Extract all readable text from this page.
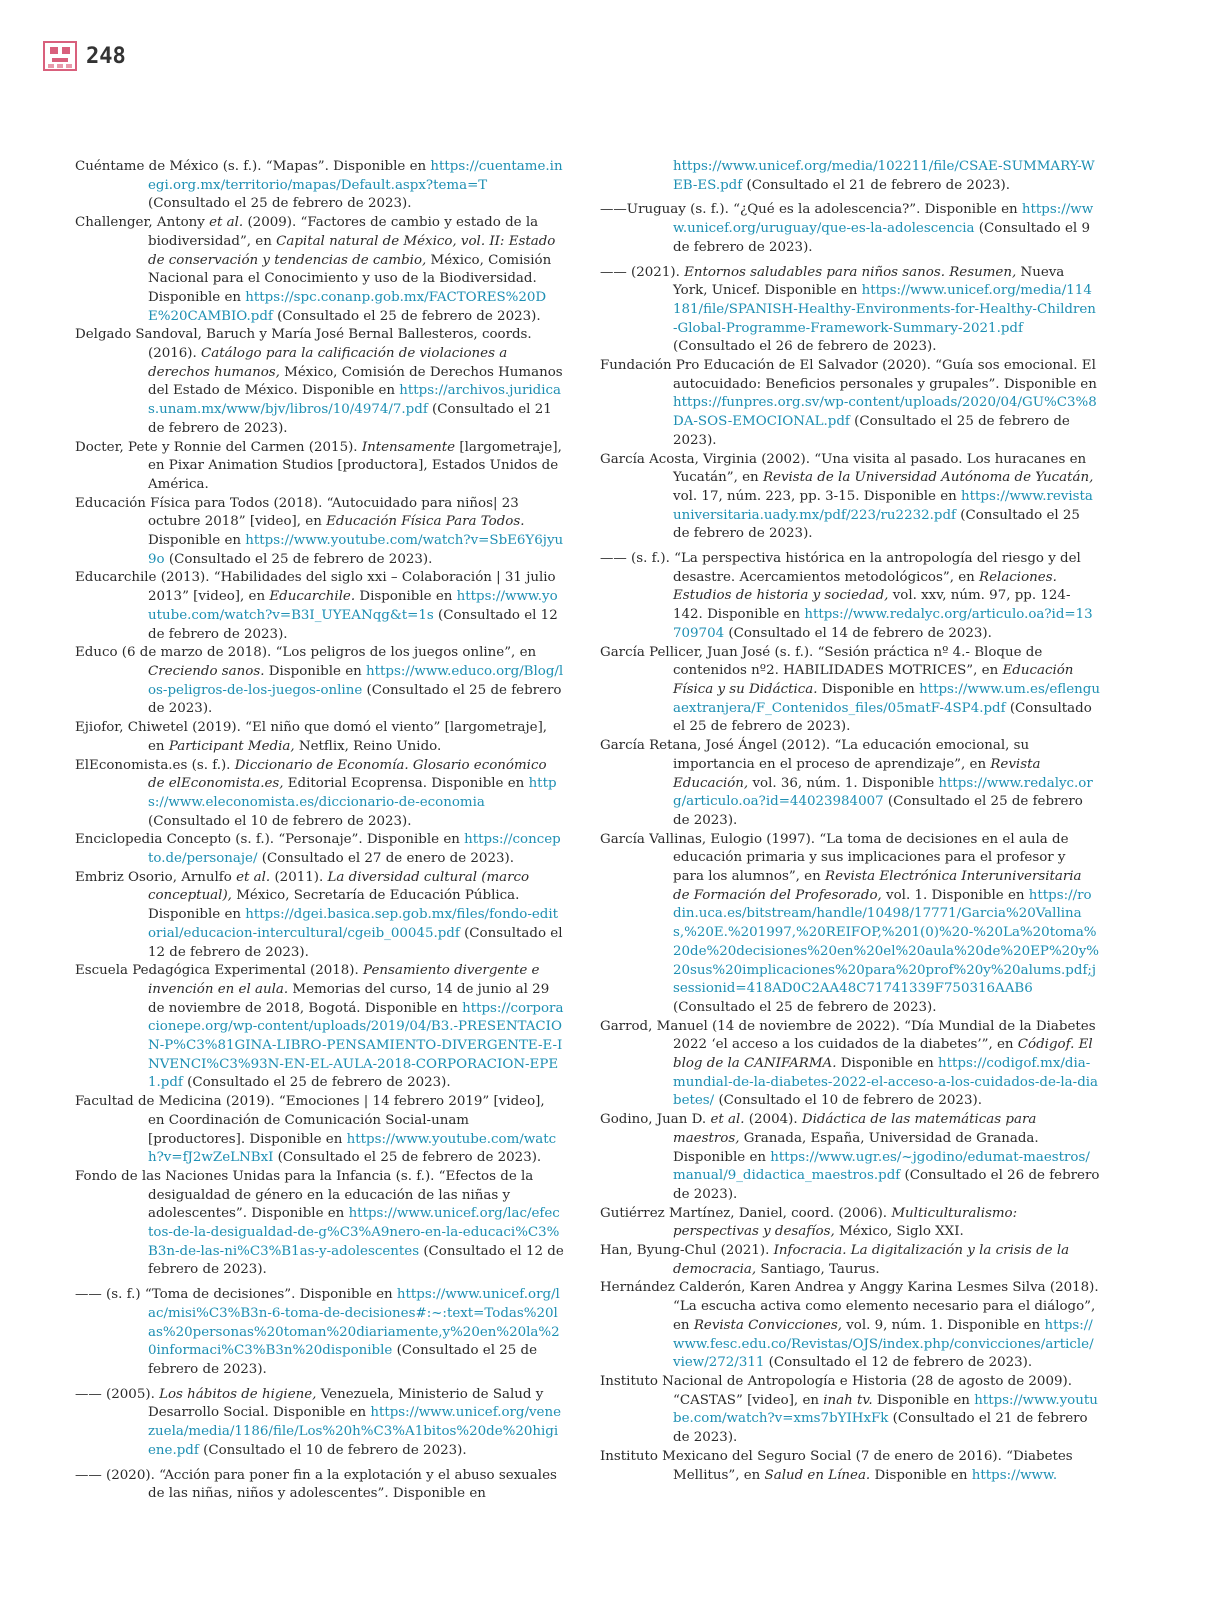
248

Cuéntame de México (s. f.). “Mapas”. Disponible en https://cuentame.inegi.org.mx/territorio/mapas/Default.aspx?tema=T (Consultado el 25 de febrero de 2023).

Challenger, Antony et al. (2009). “Factores de cambio y estado de la biodiversidad”, en Capital natural de México, vol. II: Estado de conservación y tendencias de cambio, México, Comisión Nacional para el Conocimiento y uso de la Biodiversidad. Disponible en https://spc.conanp.gob.mx/FACTORES%20DE%20CAMBIO.pdf (Consultado el 25 de febrero de 2023).

Delgado Sandoval, Baruch y María José Bernal Ballesteros, coords. (2016). Catálogo para la calificación de violaciones a derechos humanos, México, Comisión de Derechos Humanos del Estado de México. Disponible en https://archivos.juridicas.unam.mx/www/bjv/libros/10/4974/7.pdf (Consultado el 21 de febrero de 2023).

Docter, Pete y Ronnie del Carmen (2015). Intensamente [largometraje], en Pixar Animation Studios [productora], Estados Unidos de América.

Educación Física para Todos (2018). “Autocuidado para niños| 23 octubre 2018” [video], en Educación Física Para Todos. Disponible en https://www.youtube.com/watch?v=SbE6Y6jyu9o (Consultado el 25 de febrero de 2023).

Educarchile (2013). “Habilidades del siglo xxi – Colaboración | 31 julio 2013” [video], en Educarchile. Disponible en https://www.youtube.com/watch?v=B3I_UYEANqg&t=1s (Consultado el 12 de febrero de 2023).

Educo (6 de marzo de 2018). “Los peligros de los juegos online”, en Creciendo sanos. Disponible en https://www.educo.org/Blog/los-peligros-de-los-juegos-online (Consultado el 25 de febrero de 2023).

Ejiofor, Chiwetel (2019). “El niño que domó el viento” [largometraje], en Participant Media, Netflix, Reino Unido.

ElEconomista.es (s. f.). Diccionario de Economía. Glosario económico de elEconomista.es, Editorial Ecoprensa. Disponible en https://www.eleconomista.es/diccionario-de-economia (Consultado el 10 de febrero de 2023).

Enciclopedia Concepto (s. f.). “Personaje”. Disponible en https://concepto.de/personaje/ (Consultado el 27 de enero de 2023).

Embriz Osorio, Arnulfo et al. (2011). La diversidad cultural (marco conceptual), México, Secretaría de Educación Pública. Disponible en https://dgei.basica.sep.gob.mx/files/fondo-editorial/educacion-intercultural/cgeib_00045.pdf (Consultado el 12 de febrero de 2023).

Escuela Pedagógica Experimental (2018). Pensamiento divergente e invención en el aula. Memorias del curso, 14 de junio al 29 de noviembre de 2018, Bogotá. Disponible en https://corporacionepe.org/wp-content/uploads/2019/04/B3.-PRESENTACION-P%C3%81GINA-LIBRO-PENSAMIENTO-DIVERGENTE-E-INVENCI%C3%93N-EN-EL-AULA-2018-CORPORACION-EPE1.pdf (Consultado el 25 de febrero de 2023).

Facultad de Medicina (2019). “Emociones | 14 febrero 2019” [video], en Coordinación de Comunicación Social-unam [productores]. Disponible en https://www.youtube.com/watch?v=fJ2wZeLNBxI (Consultado el 25 de febrero de 2023).

Fondo de las Naciones Unidas para la Infancia (s. f.). “Efectos de la desigualdad de género en la educación de las niñas y adolescentes”. Disponible en https://www.unicef.org/lac/efectos-de-la-desigualdad-de-g%C3%A9nero-en-la-educaci%C3%B3n-de-las-ni%C3%B1as-y-adolescentes (Consultado el 12 de febrero de 2023).

—— (s. f.) “Toma de decisiones”. Disponible en https://www.unicef.org/lac/misi%C3%B3n-6-toma-de-decisiones#:~:text=Todas%20las%20personas%20toman%20diariamente,y%20en%20la%20informaci%C3%B3n%20disponible (Consultado el 25 de febrero de 2023).

—— (2005). Los hábitos de higiene, Venezuela, Ministerio de Salud y Desarrollo Social. Disponible en https://www.unicef.org/venezuela/media/1186/file/Los%20h%C3%A1bitos%20de%20higiene.pdf (Consultado el 10 de febrero de 2023).

—— (2020). “Acción para poner fin a la explotación y el abuso sexuales de las niñas, niños y adolescentes”. Disponible en

https://www.unicef.org/media/102211/file/CSAE-SUMMARY-WEB-ES.pdf (Consultado el 21 de febrero de 2023).

——Uruguay (s. f.). “¿Qué es la adolescencia?”. Disponible en https://www.unicef.org/uruguay/que-es-la-adolescencia (Consultado el 9 de febrero de 2023).

—— (2021). Entornos saludables para niños sanos. Resumen, Nueva York, Unicef. Disponible en https://www.unicef.org/media/114181/file/SPANISH-Healthy-Environments-for-Healthy-Children-Global-Programme-Framework-Summary-2021.pdf (Consultado el 26 de febrero de 2023).

Fundación Pro Educación de El Salvador (2020). “Guía sos emocional. El autocuidado: Beneficios personales y grupales”. Disponible en https://funpres.org.sv/wp-content/uploads/2020/04/GU%C3%8DA-SOS-EMOCIONAL.pdf (Consultado el 25 de febrero de 2023).

García Acosta, Virginia (2002). “Una visita al pasado. Los huracanes en Yucatán”, en Revista de la Universidad Autónoma de Yucatán, vol. 17, núm. 223, pp. 3-15. Disponible en https://www.revistauniversitaria.uady.mx/pdf/223/ru2232.pdf (Consultado el 25 de febrero de 2023).

—— (s. f.). “La perspectiva histórica en la antropología del riesgo y del desastre. Acercamientos metodológicos”, en Relaciones. Estudios de historia y sociedad, vol. xxv, núm. 97, pp. 124-142. Disponible en https://www.redalyc.org/articulo.oa?id=13709704 (Consultado el 14 de febrero de 2023).

García Pellicer, Juan José (s. f.). “Sesión práctica nº 4.- Bloque de contenidos nº2. HABILIDADES MOTRICES”, en Educación Física y su Didáctica. Disponible en https://www.um.es/eflenguaextranjera/F_Contenidos_files/05matF-4SP4.pdf (Consultado el 25 de febrero de 2023).

García Retana, José Ángel (2012). “La educación emocional, su importancia en el proceso de aprendizaje”, en Revista Educación, vol. 36, núm. 1. Disponible https://www.redalyc.org/articulo.oa?id=44023984007 (Consultado el 25 de febrero de 2023).

García Vallinas, Eulogio (1997). “La toma de decisiones en el aula de educación primaria y sus implicaciones para el profesor y para los alumnos”, en Revista Electrónica Interuniversitaria de Formación del Profesorado, vol. 1. Disponible en https://rodin.uca.es/bitstream/handle/10498/17771/Garcia%20Vallinas,%20E.%201997,%20REIFOP,%201(0)%20-%20La%20toma%20de%20decisiones%20en%20el%20aula%20de%20EP%20y%20sus%20implicaciones%20para%20prof%20y%20alums.pdf;jsessionid=418AD0C2AA48C71741339F750316AAB6 (Consultado el 25 de febrero de 2023).

Garrod, Manuel (14 de noviembre de 2022). “Día Mundial de la Diabetes 2022 ‘el acceso a los cuidados de la diabetes’”, en Códigof. El blog de la CANIFARMA. Disponible en https://codigof.mx/dia-mundial-de-la-diabetes-2022-el-acceso-a-los-cuidados-de-la-diabetes/ (Consultado el 10 de febrero de 2023).

Godino, Juan D. et al. (2004). Didáctica de las matemáticas para maestros, Granada, España, Universidad de Granada. Disponible en https://www.ugr.es/~jgodino/edumat-maestros/manual/9_didactica_maestros.pdf (Consultado el 26 de febrero de 2023).

Gutiérrez Martínez, Daniel, coord. (2006). Multiculturalismo: perspectivas y desafíos, México, Siglo XXI.

Han, Byung-Chul (2021). Infocracia. La digitalización y la crisis de la democracia, Santiago, Taurus.

Hernández Calderón, Karen Andrea y Anggy Karina Lesmes Silva (2018). “La escucha activa como elemento necesario para el diálogo”, en Revista Convicciones, vol. 9, núm. 1. Disponible en https://www.fesc.edu.co/Revistas/OJS/index.php/convicciones/article/view/272/311 (Consultado el 12 de febrero de 2023).

Instituto Nacional de Antropología e Historia (28 de agosto de 2009). “CASTAS” [video], en inah tv. Disponible en https://www.youtube.com/watch?v=xms7bYIHxFk (Consultado el 21 de febrero de 2023).

Instituto Mexicano del Seguro Social (7 de enero de 2016). “Diabetes Mellitus”, en Salud en Línea. Disponible en https://www.
